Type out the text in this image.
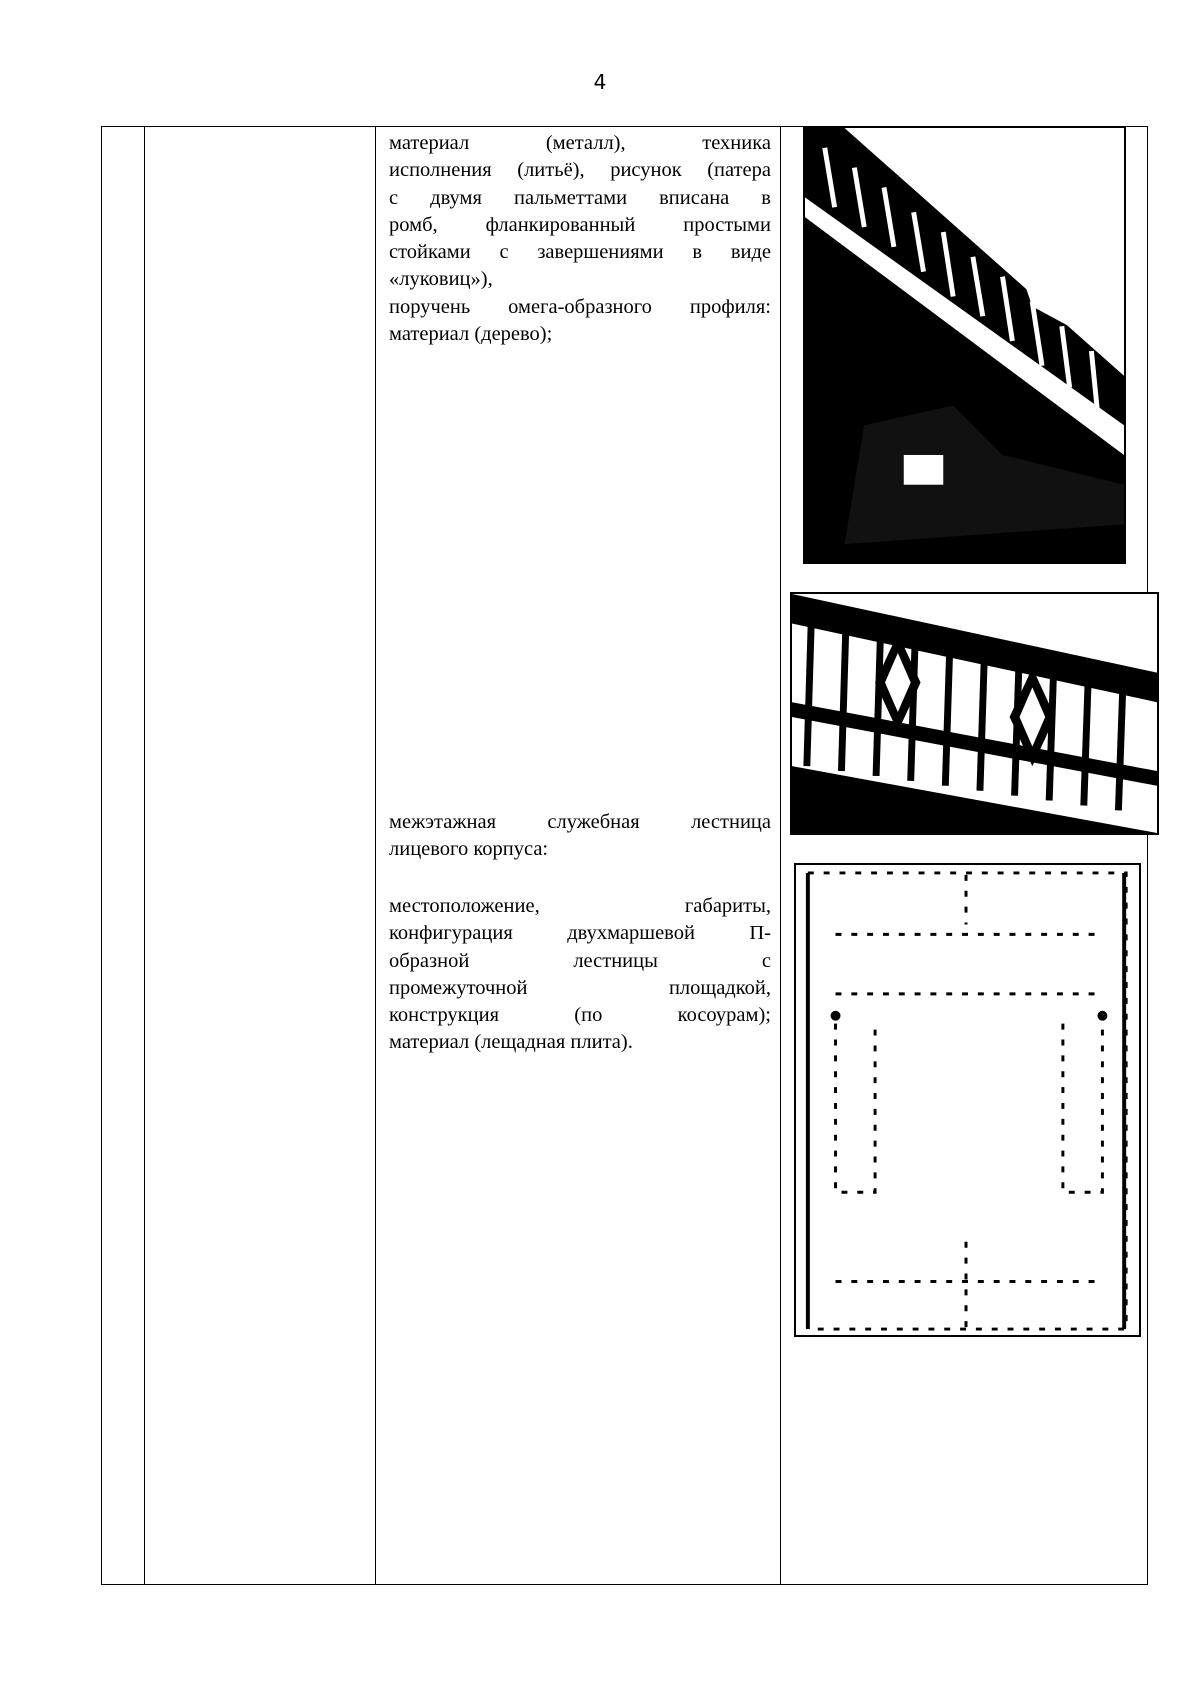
4

материал (металл), техника

исполнения (литьё), рисунок (патера

с двумя пальметтами вписана в

ромб, фланкированный простыми

стойками с завершениями в виде

«луковиц»),

поручень омега-образного профиля:

материал (дерево);

межэтажная служебная лестница

лицевого корпуса:

местоположение, габариты,

конфигурация двухмаршевой П-

образной лестницы с

промежуточной площадкой,

конструкция (по косоурам);

материал (лещадная плита).
